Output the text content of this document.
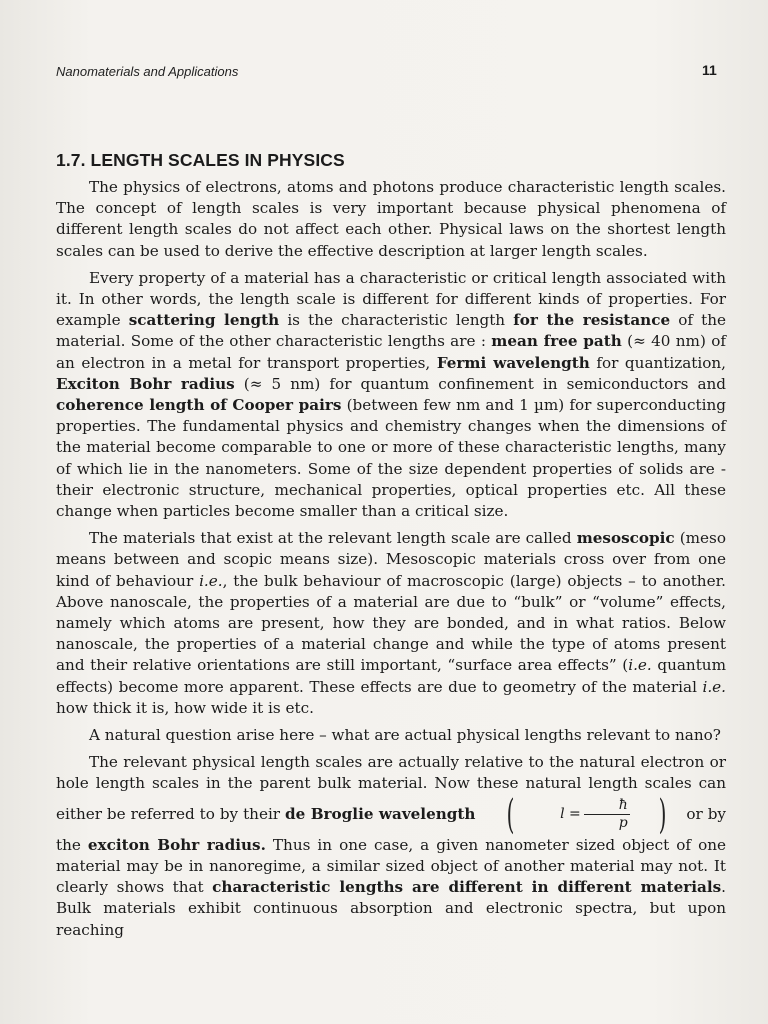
Nanomaterials and Applications	11
1.7. LENGTH SCALES IN PHYSICS

The physics of electrons, atoms and photons produce characteristic length scales. The concept of length scales is very important because physical phenomena of different length scales do not affect each other. Physical laws on the shortest length scales can be used to derive the effective description at larger length scales.

Every property of a material has a characteristic or critical length associated with it. In other words, the length scale is different for different kinds of properties. For example scattering length is the characteristic length for the resistance of the material. Some of the other characteristic lengths are : mean free path (≈ 40 nm) of an electron in a metal for transport properties, Fermi wavelength for quantization, Exciton Bohr radius (≈ 5 nm) for quantum confinement in semiconductors and coherence length of Cooper pairs (between few nm and 1 µm) for superconducting properties. The fundamental physics and chemistry changes when the dimensions of the material become comparable to one or more of these characteristic lengths, many of which lie in the nanometers. Some of the size dependent properties of solids are - their electronic structure, mechanical properties, optical properties etc. All these change when particles become smaller than a critical size.

The materials that exist at the relevant length scale are called mesoscopic (meso means between and scopic means size). Mesoscopic materials cross over from one kind of behaviour i.e., the bulk behaviour of macroscopic (large) objects – to another. Above nanoscale, the properties of a material are due to “bulk” or “volume” effects, namely which atoms are present, how they are bonded, and in what ratios. Below nanoscale, the properties of a material change and while the type of atoms present and their relative orientations are still important, “surface area effects” (i.e. quantum effects) become more apparent. These effects are due to geometry of the material i.e. how thick it is, how wide it is etc.

A natural question arise here – what are actual physical lengths relevant to nano?

The relevant physical length scales are actually relative to the natural electron or hole length scales in the parent bulk material. Now these natural length scales can either be referred to by their de Broglie wavelength (	$l = \frac{ħ}{p}$ ) or by the exciton Bohr radius. Thus in one case, a given nanometer sized object of one material may be in nanoregime, a similar sized object of another material may not. It clearly shows that characteristic lengths are different in different materials. Bulk materials exhibit continuous absorption and electronic spectra, but upon reaching
